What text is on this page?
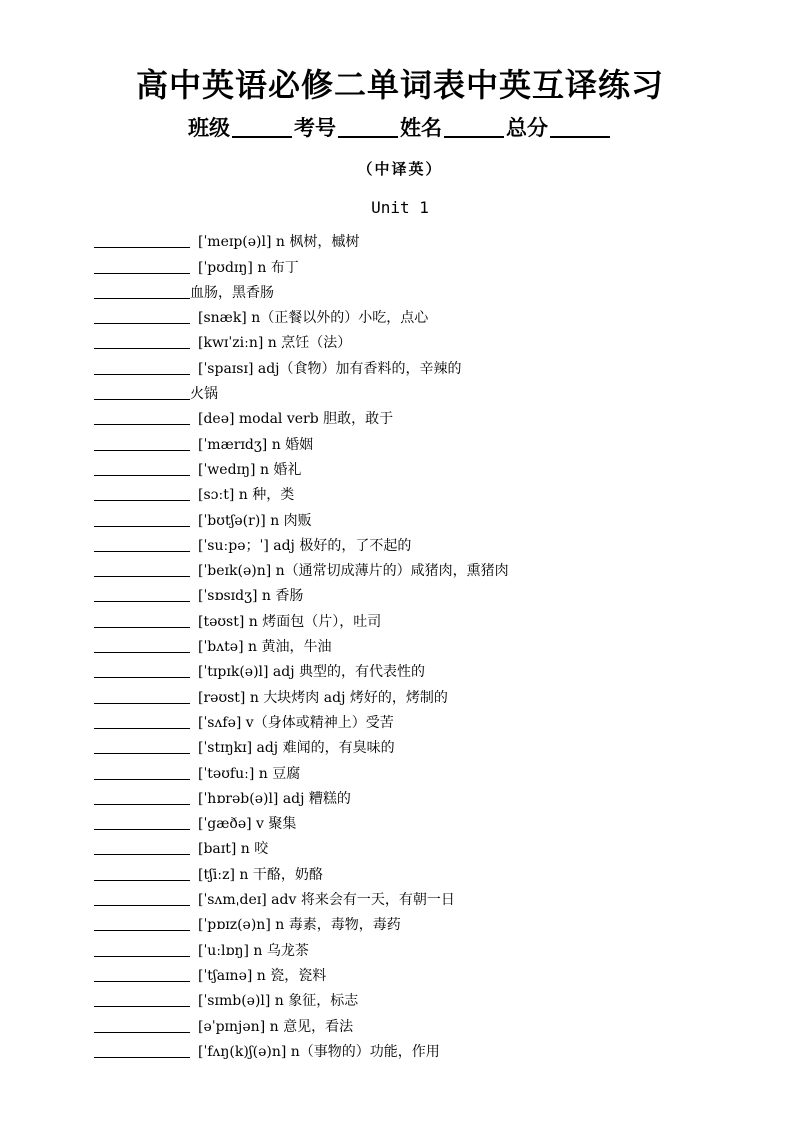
高中英语必修二单词表中英互译练习
班级	考号	姓名	总分
（中译英）
Unit 1
[ˈmeɪp(ə)l] n 枫树，槭树
[ˈpʊdɪŋ] n 布丁
血肠，黑香肠
[snæk] n（正餐以外的）小吃，点心
[kwɪˈziːn] n 烹饪（法）
[ˈspaɪsɪ] adj（食物）加有香料的，辛辣的
火锅
[deə] modal verb 胆敢，敢于
[ˈmærɪdʒ] n 婚姻
[ˈwedɪŋ] n 婚礼
[sɔːt] n 种，类
[ˈbʊtʃə(r)] n 肉贩
[ˈsuːpə；ˈ] adj 极好的，了不起的
[ˈbeɪk(ə)n] n（通常切成薄片的）咸猪肉，熏猪肉
[ˈsɒsɪdʒ] n 香肠
[təʊst] n 烤面包（片），吐司
[ˈbʌtə] n 黄油，牛油
[ˈtɪpɪk(ə)l] adj 典型的，有代表性的
[rəʊst] n 大块烤肉 adj 烤好的，烤制的
[ˈsʌfə] v（身体或精神上）受苦
[ˈstɪŋkɪ] adj 难闻的，有臭味的
[ˈtəʊfuː] n 豆腐
[ˈhɒrəb(ə)l] adj 糟糕的
[ˈgæðə] v 聚集
[baɪt] n 咬
[tʃiːz] n 干酪，奶酪
[ˈsʌmˌdeɪ] adv 将来会有一天，有朝一日
[ˈpɒɪz(ə)n] n 毒素，毒物，毒药
[ˈuːlɒŋ] n 乌龙茶
[ˈtʃaɪnə] n 瓷，瓷料
[ˈsɪmb(ə)l] n 象征，标志
[əˈpɪnjən] n 意见，看法
[ˈfʌŋ(k)ʃ(ə)n] n（事物的）功能，作用
